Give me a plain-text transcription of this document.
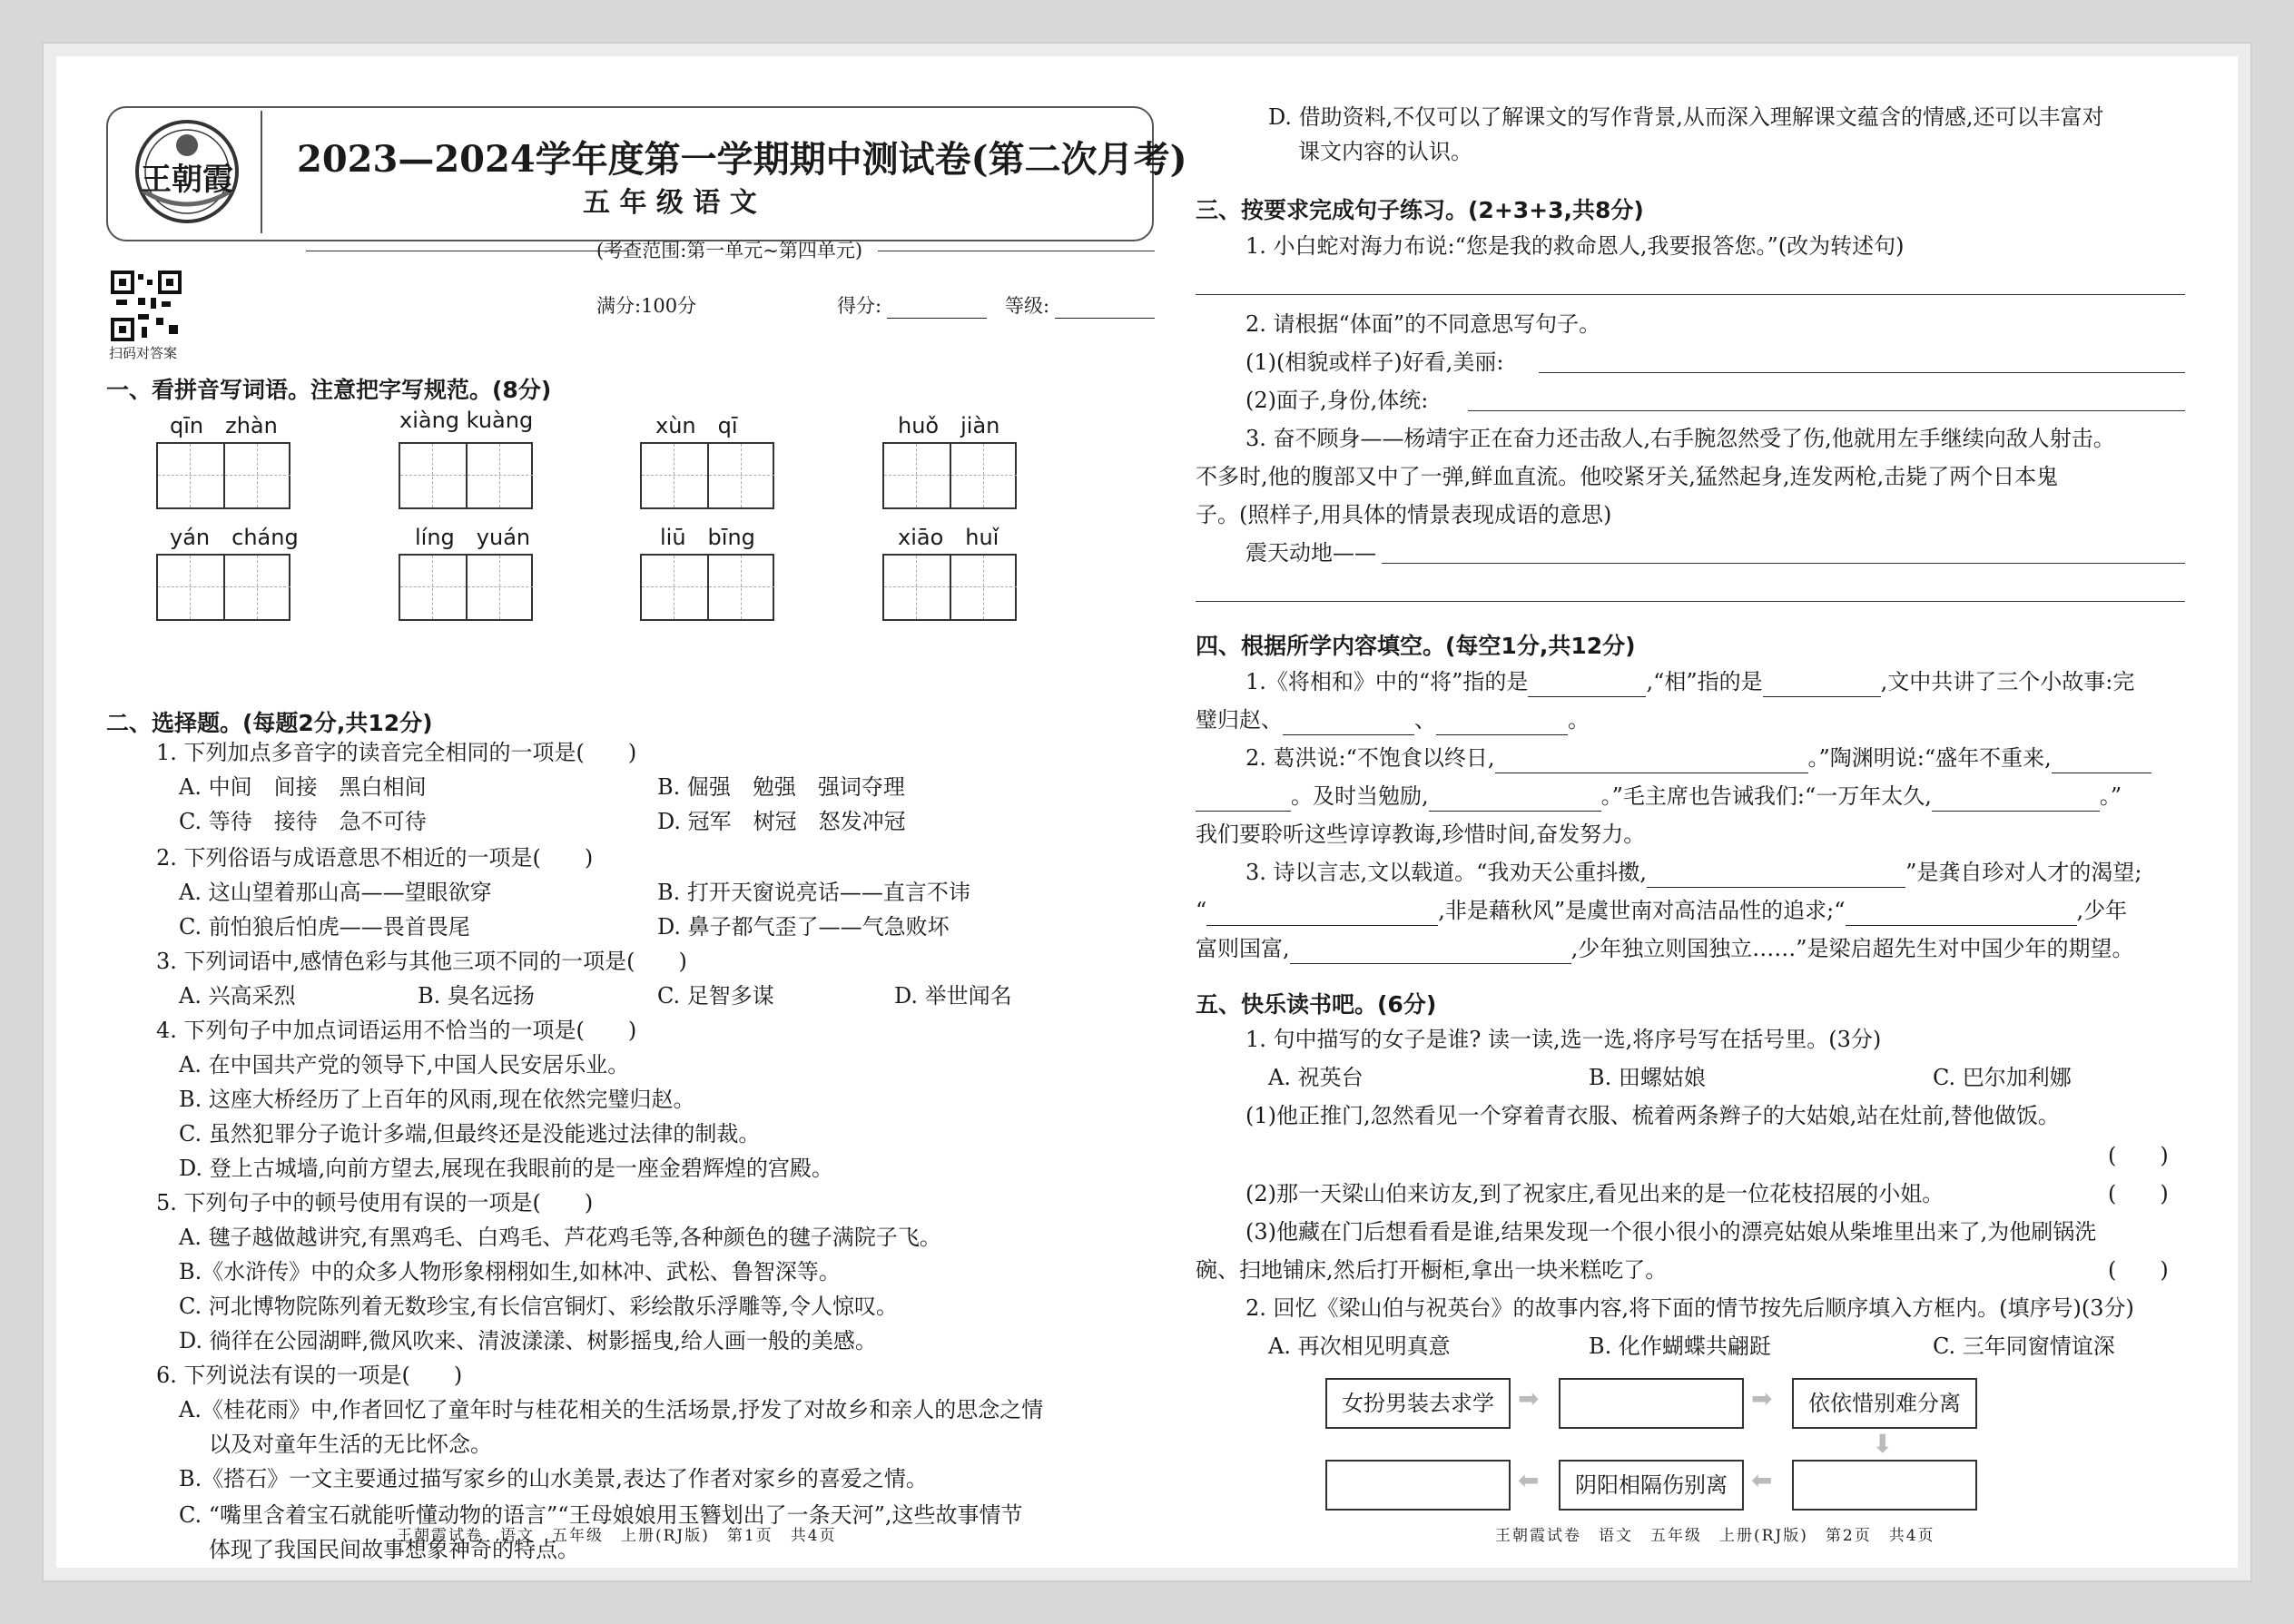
王朝霞 2023—2024学年度第一学期期中测试卷(第二次月考)
五 年 级 语 文
(考查范围:第一单元~第四单元)
扫码对答案
满分:100分	得分:	等级:
一、看拼音写词语。注意把字写规范。(8分)
qīn　zhàn	xiàng kuàng	xùn　qī	huǒ　jiàn
yán　cháng	líng　yuán	liū　bīng	xiāo　huǐ
二、选择题。(每题2分,共12分)
1. 下列加点多音字的读音完全相同的一项是(　　)
A. 中间　间接　黑白相间	B. 倔强　勉强　强词夺理
C. 等待　接待　急不可待	D. 冠军　树冠　怒发冲冠
2. 下列俗语与成语意思不相近的一项是(　　)
A. 这山望着那山高——望眼欲穿	B. 打开天窗说亮话——直言不讳
C. 前怕狼后怕虎——畏首畏尾	D. 鼻子都气歪了——气急败坏
3. 下列词语中,感情色彩与其他三项不同的一项是(　　)
A. 兴高采烈	B. 臭名远扬	C. 足智多谋	D. 举世闻名
4. 下列句子中加点词语运用不恰当的一项是(　　)
A. 在中国共产党的领导下,中国人民安居乐业。
B. 这座大桥经历了上百年的风雨,现在依然完璧归赵。
C. 虽然犯罪分子诡计多端,但最终还是没能逃过法律的制裁。
D. 登上古城墙,向前方望去,展现在我眼前的是一座金碧辉煌的宫殿。
5. 下列句子中的顿号使用有误的一项是(　　)
A. 毽子越做越讲究,有黑鸡毛、白鸡毛、芦花鸡毛等,各种颜色的毽子满院子飞。
B.《水浒传》中的众多人物形象栩栩如生,如林冲、武松、鲁智深等。
C. 河北博物院陈列着无数珍宝,有长信宫铜灯、彩绘散乐浮雕等,令人惊叹。
D. 徜徉在公园湖畔,微风吹来、清波漾漾、树影摇曳,给人画一般的美感。
6. 下列说法有误的一项是(　　)
A.《桂花雨》中,作者回忆了童年时与桂花相关的生活场景,抒发了对故乡和亲人的思念之情
以及对童年生活的无比怀念。
B.《搭石》一文主要通过描写家乡的山水美景,表达了作者对家乡的喜爱之情。
C. “嘴里含着宝石就能听懂动物的语言”“王母娘娘用玉簪划出了一条天河”,这些故事情节
体现了我国民间故事想象神奇的特点。
D. 借助资料,不仅可以了解课文的写作背景,从而深入理解课文蕴含的情感,还可以丰富对
课文内容的认识。
三、按要求完成句子练习。(2+3+3,共8分)
1. 小白蛇对海力布说:“您是我的救命恩人,我要报答您。”(改为转述句)
2. 请根据“体面”的不同意思写句子。
(1)(相貌或样子)好看,美丽:
(2)面子,身份,体统:
3. 奋不顾身——杨靖宇正在奋力还击敌人,右手腕忽然受了伤,他就用左手继续向敌人射击。
不多时,他的腹部又中了一弹,鲜血直流。他咬紧牙关,猛然起身,连发两枪,击毙了两个日本鬼
子。(照样子,用具体的情景表现成语的意思)
震天动地——
四、根据所学内容填空。(每空1分,共12分)
1.《将相和》中的“将”指的是	,“相”指的是	,文中共讲了三个小故事:完
璧归赵、	、	。
2. 葛洪说:“不饱食以终日,	。”陶渊明说:“盛年不重来,
。及时当勉励,	。”毛主席也告诫我们:“一万年太久,	。”
我们要聆听这些谆谆教诲,珍惜时间,奋发努力。
3. 诗以言志,文以载道。“我劝天公重抖擞,	”是龚自珍对人才的渴望;
“	,非是藉秋风”是虞世南对高洁品性的追求;“	,少年
富则国富,	,少年独立则国独立……”是梁启超先生对中国少年的期望。
五、快乐读书吧。(6分)
1. 句中描写的女子是谁? 读一读,选一选,将序号写在括号里。(3分)
A. 祝英台	B. 田螺姑娘	C. 巴尔加利娜
(1)他正推门,忽然看见一个穿着青衣服、梳着两条辫子的大姑娘,站在灶前,替他做饭。
(　　)
(2)那一天梁山伯来访友,到了祝家庄,看见出来的是一位花枝招展的小姐。	(　　)
(3)他藏在门后想看看是谁,结果发现一个很小很小的漂亮姑娘从柴堆里出来了,为他刷锅洗
碗、扫地铺床,然后打开橱柜,拿出一块米糕吃了。	(　　)
2. 回忆《梁山伯与祝英台》的故事内容,将下面的情节按先后顺序填入方框内。(填序号)(3分)
A. 再次相见明真意	B. 化作蝴蝶共翩跹	C. 三年同窗情谊深
女扮男装去求学 ➡	➡	依依惜别难分离
⬇
⬅	阴阳相隔伤别离 ⬅
王朝霞试卷　语文　五年级　上册(RJ版)　第2页　共4页
王朝霞试卷　语文　五年级　上册(RJ版)　第1页　共4页
